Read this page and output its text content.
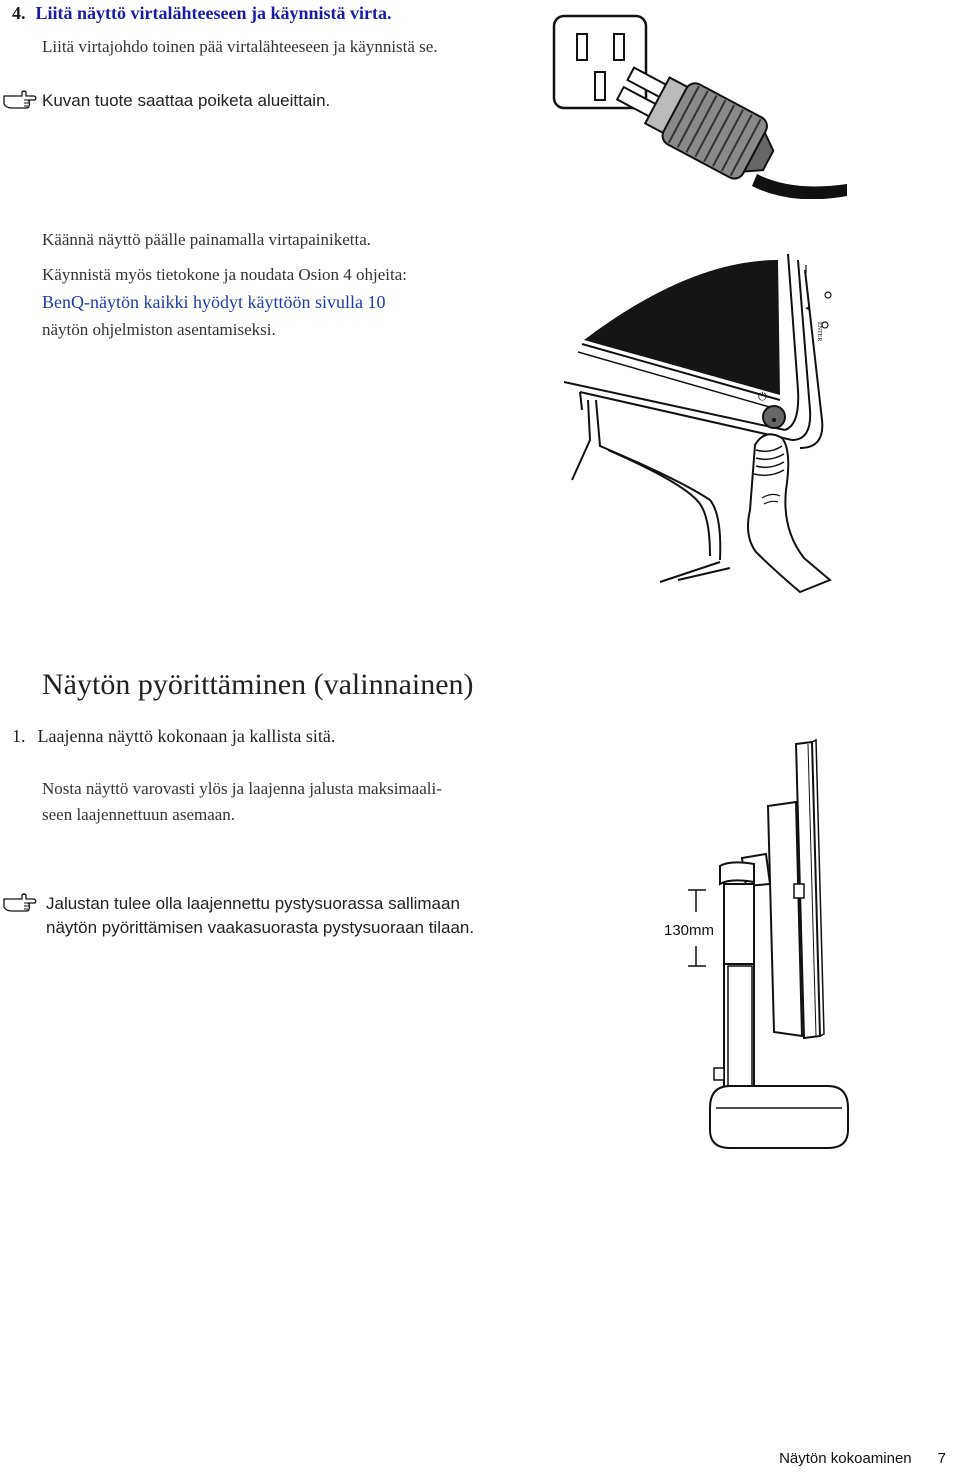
4. Liitä näyttö virtalähteeseen ja käynnistä virta.
Liitä virtajohdo toinen pää virtalähteeseen ja käynnistä se.
Kuvan tuote saattaa poiketa alueittain.
Käännä näyttö päälle painamalla virtapainiketta.
Käynnistä myös tietokone ja noudata Osion 4 ohjeita:
BenQ-näytön kaikki hyödyt käyttöön sivulla 10
näytön ohjelmiston asentamiseksi.
◄
ENTER
⏻
Näytön pyörittäminen (valinnainen)
1. Laajenna näyttö kokonaan ja kallista sitä.
Nosta näyttö varovasti ylös ja laajenna jalusta maksimaali-
seen laajennettuun asemaan.
Jalustan tulee olla laajennettu pystysuorassa sallimaan
näytön pyörittämisen vaakasuorasta pystysuoraan tilaan.	130mm
Näytön kokoaminen 7
